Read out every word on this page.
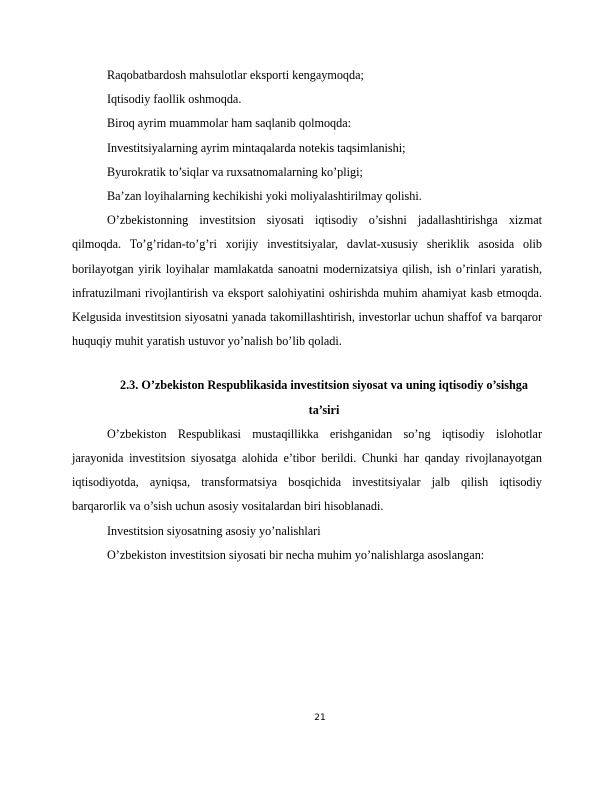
Raqobatbardosh mahsulotlar eksporti kengaymoqda;
Iqtisodiy faollik oshmoqda.
Biroq ayrim muammolar ham saqlanib qolmoqda:
Investitsiyalarning ayrim mintaqalarda notekis taqsimlanishi;
Byurokratik to’siqlar va ruxsatnomalarning ko’pligi;
Ba’zan loyihalarning kechikishi yoki moliyalashtirilmay qolishi.

O’zbekistonning investitsion siyosati iqtisodiy o’sishni jadallashtirishga xizmat qilmoqda. To’g’ridan-to’g’ri xorijiy investitsiyalar, davlat-xususiy sheriklik asosida olib borilayotgan yirik loyihalar mamlakatda sanoatni modernizatsiya qilish, ish o’rinlari yaratish, infratuzilmani rivojlantirish va eksport salohiyatini oshirishda muhim ahamiyat kasb etmoqda. Kelgusida investitsion siyosatni yanada takomillashtirish, investorlar uchun shaffof va barqaror huquqiy muhit yaratish ustuvor yo’nalish bo’lib qoladi.

2.3. O’zbekiston Respublikasida investitsion siyosat va uning iqtisodiy o’sishga ta’siri

O’zbekiston Respublikasi mustaqillikka erishganidan so’ng iqtisodiy islohotlar jarayonida investitsion siyosatga alohida e’tibor berildi. Chunki har qanday rivojlanayotgan iqtisodiyotda, ayniqsa, transformatsiya bosqichida investitsiyalar jalb qilish iqtisodiy barqarorlik va o’sish uchun asosiy vositalardan biri hisoblanadi.

Investitsion siyosatning asosiy yo’nalishlari

O’zbekiston investitsion siyosati bir necha muhim yo’nalishlarga asoslangan:

21
